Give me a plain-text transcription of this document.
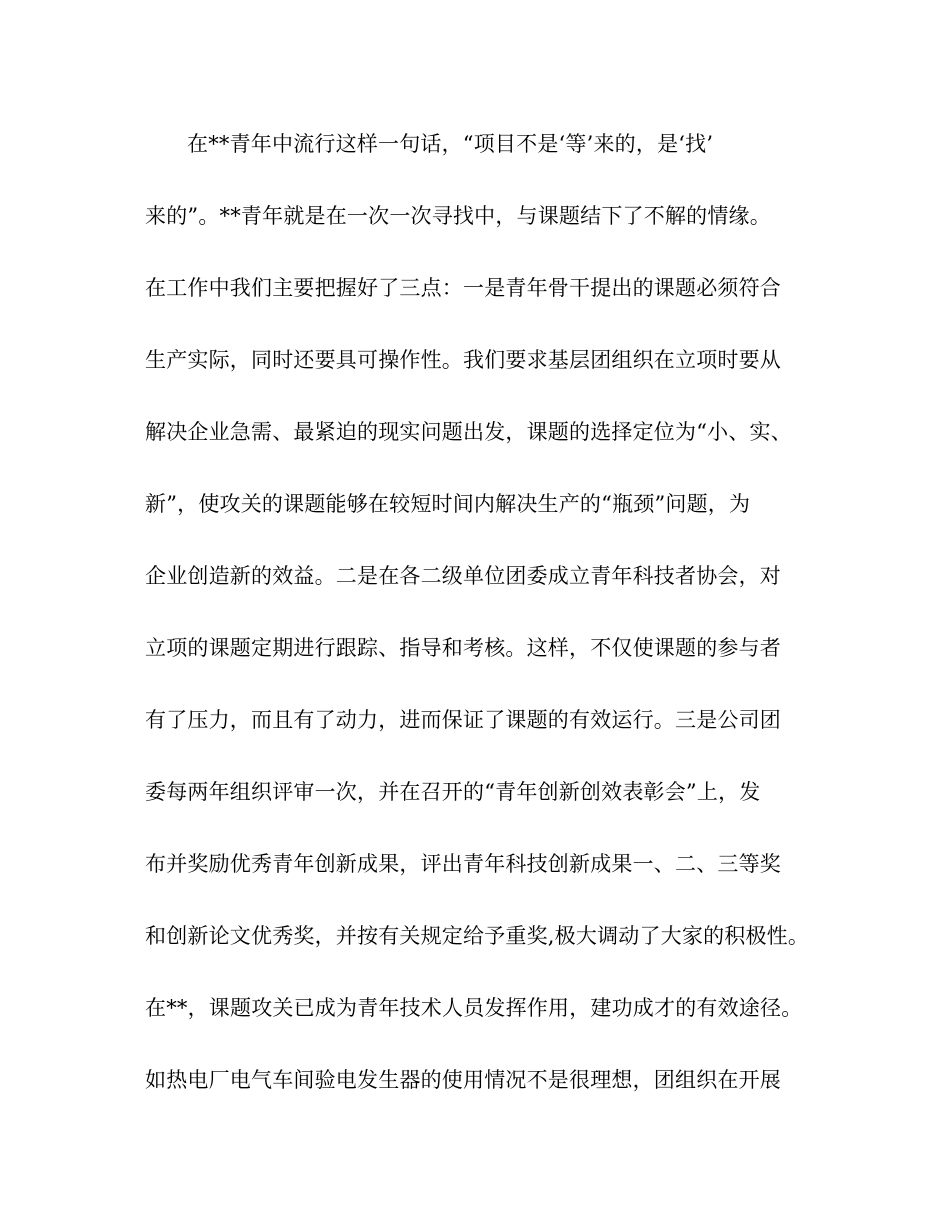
在**青年中流行这样一句话，“项目不是‘等’来的，是‘找’
来的”。**青年就是在一次一次寻找中，与课题结下了不解的情缘。
在工作中我们主要把握好了三点：一是青年骨干提出的课题必须符合
生产实际，同时还要具可操作性。我们要求基层团组织在立项时要从
解决企业急需、最紧迫的现实问题出发，课题的选择定位为“小、实、
新”，使攻关的课题能够在较短时间内解决生产的“瓶颈”问题，为
企业创造新的效益。二是在各二级单位团委成立青年科技者协会，对
立项的课题定期进行跟踪、指导和考核。这样，不仅使课题的参与者
有了压力，而且有了动力，进而保证了课题的有效运行。三是公司团
委每两年组织评审一次，并在召开的“青年创新创效表彰会”上，发
布并奖励优秀青年创新成果，评出青年科技创新成果一、二、三等奖
和创新论文优秀奖，并按有关规定给予重奖,极大调动了大家的积极性。
在**，课题攻关已成为青年技术人员发挥作用，建功成才的有效途径。
如热电厂电气车间验电发生器的使用情况不是很理想，团组织在开展
